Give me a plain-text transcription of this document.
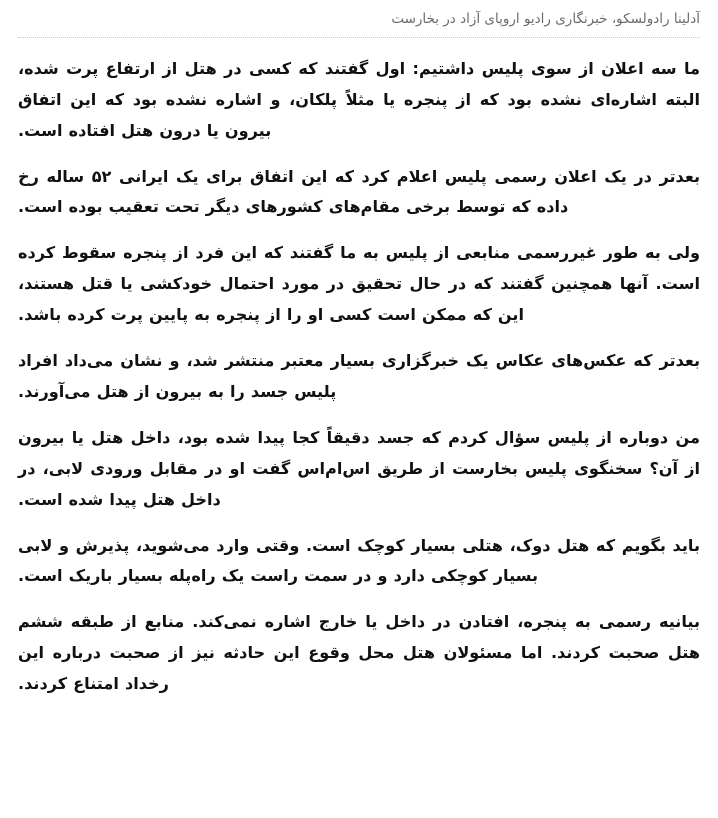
آدلینا رادولسکو، خبرنگاری رادیو اروپای آزاد در بخارست

ما سه اعلان از سوی پلیس داشتیم: اول گفتند که کسی در هتل از ارتفاع پرت شده، البته اشاره‌ای نشده بود که از پنجره یا مثلاً پلکان، و اشاره نشده بود که این اتفاق بیرون یا درون هتل افتاده است.

بعدتر در یک اعلان رسمی پلیس اعلام کرد که این اتفاق برای یک ایرانی ۵۲ ساله رخ داده که توسط برخی مقام‌های کشورهای دیگر تحت تعقیب بوده است.

ولی به طور غیررسمی منابعی از پلیس به ما گفتند که این فرد از پنجره سقوط کرده است. آنها همچنین گفتند که در حال تحقیق در مورد احتمال خودکشی یا قتل هستند، این که ممکن است کسی او را از پنجره به پایین پرت کرده باشد.

بعدتر که عکس‌های عکاس یک خبرگزاری بسیار معتبر منتشر شد، و نشان می‌داد افراد پلیس جسد را به بیرون از هتل می‌آورند.

من دوباره از پلیس سؤال کردم که جسد دقیقاً کجا پیدا شده بود، داخل هتل یا بیرون از آن؟ سخنگوی پلیس بخارست از طریق اس‌ام‌اس گفت او در مقابل ورودی لابی، در داخل هتل پیدا شده است.

باید بگویم که هتل دوک، هتلی بسیار کوچک است. وقتی وارد می‌شوید، پذیرش و لابی بسیار کوچکی دارد و در سمت راست یک راه‌پله بسیار باریک است.

بیانیه رسمی به پنجره، افتادن در داخل یا خارج اشاره نمی‌کند. منابع از طبقه ششم هتل صحبت کردند. اما مسئولان هتل محل وقوع این حادثه نیز از صحبت درباره این رخداد امتناع کردند.
